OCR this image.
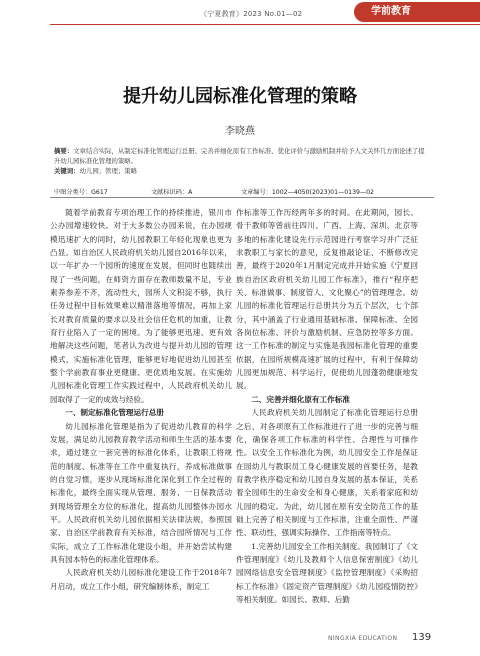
《宁夏教育》2023 No.01—02	学前教育
提升幼儿园标准化管理的策略
李晓燕
摘要：文章结合实际，从制定标准化管理运行总册、完善并细化原有工作标准、优化评价与激励机制并给予人文关怀几方面论述了提升幼儿园标准化管理的策略。
关键词：幼儿园；管理；策略
中图分类号：G617	文献标识码：A	文章编号：1002—4050(2023)01—0139—02

随着学前教育专项治理工作的持续推进，银川市公办园增速较快。对于大多数公办园来说，在办园规模迅速扩大的同时，幼儿园教职工年轻化现象也更为凸显。如自治区人民政府机关幼儿园自2016年以来，以一年扩办一个园所的速度在发展，但同时也随续出现了一些问题，在师资方面存在教师数量不足，专业素养参差不齐，流动性大，园所人文积淀不够，执行任务过程中目标效果难以精准落地等情况，再加上家长对教育质量的要求以及社会信任危机的加重，让教育行业陷入了一定的困境。为了能够更迅速、更有效地解决这些问题，笔者认为改进与提升幼儿园的管理模式，实施标准化管理，能够更好地促进幼儿园甚至整个学前教育事业更健康、更优质地发展。在实施幼儿园标准化管理工作实践过程中，人民政府机关幼儿园取得了一定的成效与经验。

一、制定标准化管理运行总册

幼儿园标准化管理是指为了促进幼儿教育的科学发展，满足幼儿园教育教学活动和师生生活的基本要求，通过建立一套完善的标准化体系，让教职工将规范的制度、标准等在工作中重复执行，养成标准做事的自觉习惯，逐步从现场标准化深化到工作全过程的标准化，最终全面实现从管理、服务、一日保教活动到现场管理全方位的标准化，提高幼儿园整体办园水平。人民政府机关幼儿园依据相关法律法规，参照国家、自治区学前教育有关标准，结合园所情况与工作实际，成立了工作标准化建设小组，并开始尝试构建具有园本特色的标准化管理体系。

人民政府机关幼儿园标准化建设工作于2018年7月启动，成立工作小组，研究编制体系，制定工

作标准等工作历经两年多的时间。在此期间，园长、骨干教师等曾前往四川、广西、上海、深圳、北京等多地的标准化建设先行示范园进行考察学习并广泛征求教职工与家长的意见，反复推敲论证、不断修改完善，最终于2020年1月制定完成并开始实施《宁夏回族自治区政府机关幼儿园工作标准》，推行“程序把关、标准做事、制度管人、文化聚心”的管理理念。幼儿园的标准化管理运行总册共分为五个层次，七个部分，其中涵盖了行业通用基础标准、保障标准、全园各岗位标准、评价与激励机制、应急防控等多方面。这一工作标准的制定与实施是我园标准化管理的重要依据，在园所规模高速扩展的过程中，有利于保障幼儿园更加规范、科学运行，促使幼儿园蓬勃健康地发展。

二、完善并细化原有工作标准

人民政府机关幼儿园制定了标准化管理运行总册之后，对各项原有工作标准进行了进一步的完善与细化，确保各项工作标准的科学性、合理性与可操作性。以安全工作标准化为例，幼儿园安全工作是保证在园幼儿与教职员工身心健康发展的首要任务，是教育教学秩序稳定和幼儿园自身发展的基本保证，关系着全园师生的生命安全和身心健康，关系着家庭和幼儿园的稳定。为此，幼儿园在原有安全防范工作的基础上完善了相关制度与工作标准，注重全面性、严谨性、联动性，强调实际操作、工作指南等特点。

1.完善幼儿园安全工作相关制度。我园制订了《文件管理制度》《幼儿及教师个人信息保密制度》《幼儿园网络信息安全管理制度》《监控管理制度》《采购招标工作标准》《固定资产管理制度》《幼儿园疫情防控》等相关制度。如园长、教师、后勤

NINGXIA EDUCATION 139
